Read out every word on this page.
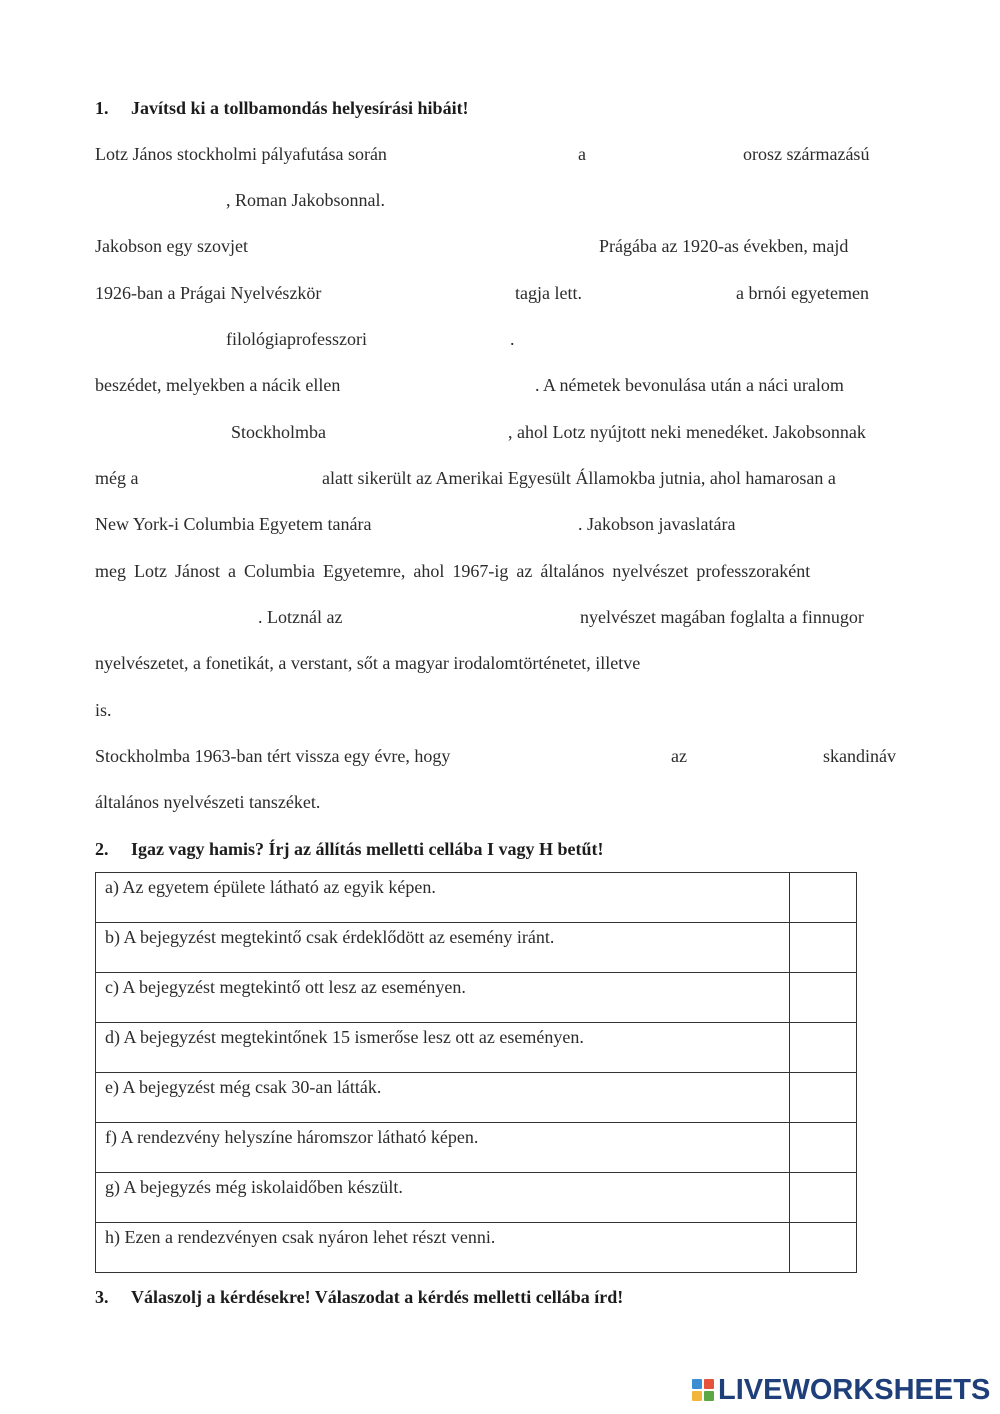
1. Javítsd ki a tollbamondás helyesírási hibáit!
Lotz János stockholmi pályafutása során	a	orosz származású
, Roman Jakobsonnal.
Jakobson egy szovjet	Prágába az 1920-as években, majd
1926-ban a Prágai Nyelvészkör	tagja lett.	a brnói egyetemen
filológiaprofesszori	.
beszédet, melyekben a nácik ellen	. A németek bevonulása után a náci uralom
Stockholmba	, ahol Lotz nyújtott neki menedéket. Jakobsonnak
még a	alatt sikerült az Amerikai Egyesült Államokba jutnia, ahol hamarosan a
New York-i Columbia Egyetem tanára	. Jakobson javaslatára
meg Lotz Jánost a Columbia Egyetemre, ahol 1967-ig az általános nyelvészet professzoraként
. Lotznál az	nyelvészet magában foglalta a finnugor
nyelvészetet, a fonetikát, a verstant, sőt a magyar irodalomtörténetet, illetve
is.
Stockholmba 1963-ban tért vissza egy évre, hogy	az	skandináv
általános nyelvészeti tanszéket.
2. Igaz vagy hamis? Írj az állítás melletti cellába I vagy H betűt!
a) Az egyetem épülete látható az egyik képen.	
b) A bejegyzést megtekintő csak érdeklődött az esemény iránt.	
c) A bejegyzést megtekintő ott lesz az eseményen.	
d) A bejegyzést megtekintőnek 15 ismerőse lesz ott az eseményen.	
e) A bejegyzést még csak 30-an látták.	
f) A rendezvény helyszíne háromszor látható képen.	
g) A bejegyzés még iskolaidőben készült.	
h) Ezen a rendezvényen csak nyáron lehet részt venni.	
3. Válaszolj a kérdésekre! Válaszodat a kérdés melletti cellába írd!
LIVEWORKSHEETS
